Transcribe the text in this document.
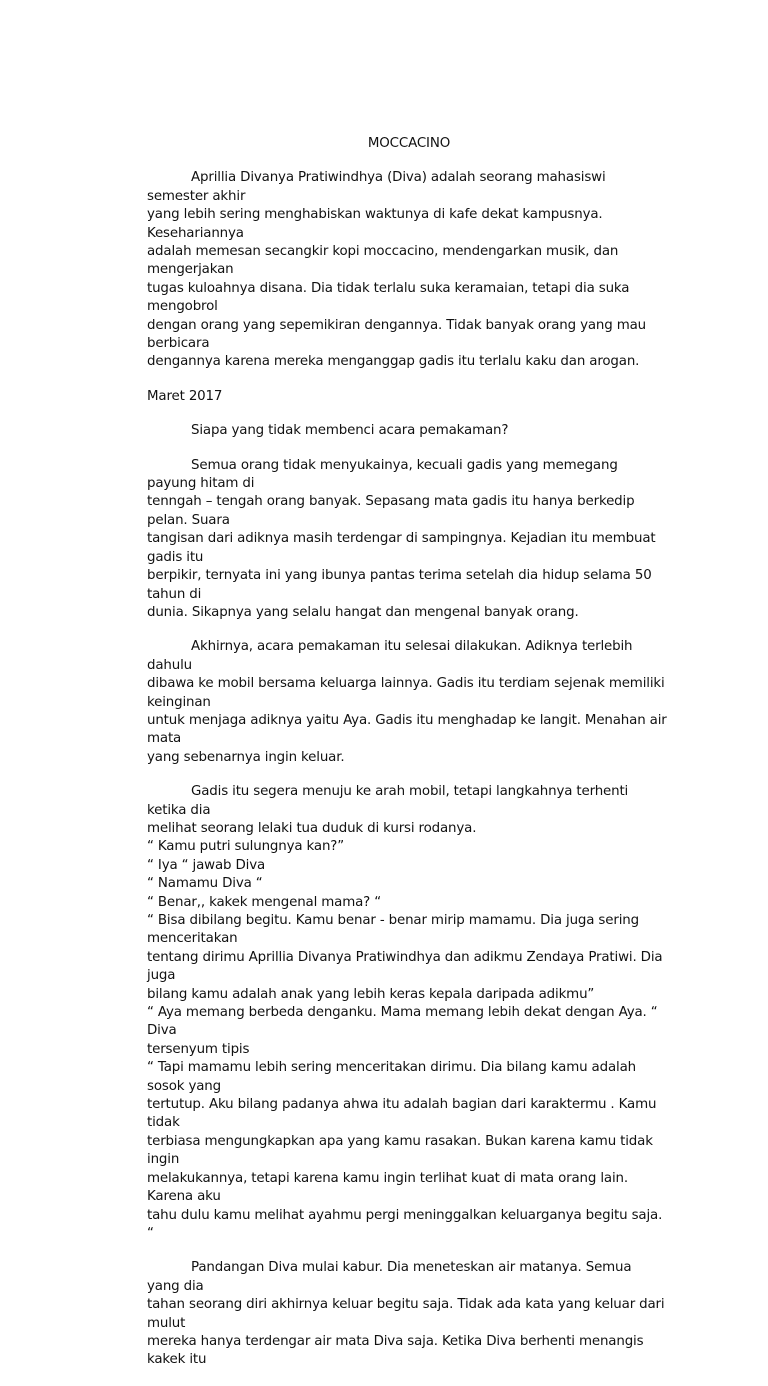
MOCCACINO

Aprillia Divanya Pratiwindhya (Diva) adalah seorang mahasiswi semester akhir
yang lebih sering menghabiskan waktunya di kafe dekat kampusnya. Kesehariannya
adalah memesan secangkir kopi moccacino, mendengarkan musik, dan mengerjakan
tugas kuloahnya disana. Dia tidak terlalu suka keramaian, tetapi dia suka mengobrol
dengan orang yang sepemikiran dengannya. Tidak banyak orang yang mau berbicara
dengannya karena mereka menganggap gadis itu terlalu kaku dan arogan.

Maret 2017

Siapa yang tidak membenci acara pemakaman?

Semua orang tidak menyukainya, kecuali gadis yang memegang payung hitam di
tenngah – tengah orang banyak. Sepasang mata gadis itu hanya berkedip pelan. Suara
tangisan dari adiknya masih terdengar di sampingnya. Kejadian itu membuat gadis itu
berpikir, ternyata ini yang ibunya pantas terima setelah dia hidup selama 50 tahun di
dunia. Sikapnya yang selalu hangat dan mengenal banyak orang.

Akhirnya, acara pemakaman itu selesai dilakukan. Adiknya terlebih dahulu
dibawa ke mobil bersama keluarga lainnya. Gadis itu terdiam sejenak memiliki keinginan
untuk menjaga adiknya yaitu Aya. Gadis itu menghadap ke langit. Menahan air mata
yang sebenarnya ingin keluar.

Gadis itu segera menuju ke arah mobil, tetapi langkahnya terhenti ketika dia
melihat seorang lelaki tua duduk di kursi rodanya.

“ Kamu putri sulungnya kan?”
“ Iya “ jawab Diva
“ Namamu Diva “
“ Benar,, kakek mengenal mama? “
“ Bisa dibilang begitu. Kamu benar - benar mirip mamamu. Dia juga sering menceritakan
tentang dirimu Aprillia Divanya Pratiwindhya dan adikmu Zendaya Pratiwi. Dia juga
bilang kamu adalah anak yang lebih keras kepala daripada adikmu”
“ Aya memang berbeda denganku. Mama memang lebih dekat dengan Aya. “ Diva
tersenyum tipis
“ Tapi mamamu lebih sering menceritakan dirimu. Dia bilang kamu adalah sosok yang
tertutup. Aku bilang padanya ahwa itu adalah bagian dari karaktermu . Kamu tidak
terbiasa mengungkapkan apa yang kamu rasakan. Bukan karena kamu tidak ingin
melakukannya, tetapi karena kamu ingin terlihat kuat di mata orang lain. Karena aku
tahu dulu kamu melihat ayahmu pergi meninggalkan keluarganya begitu saja. “

Pandangan Diva mulai kabur. Dia meneteskan air matanya. Semua yang dia
tahan seorang diri akhirnya keluar begitu saja. Tidak ada kata yang keluar dari mulut
mereka hanya terdengar air mata Diva saja. Ketika Diva berhenti menangis kakek itu
